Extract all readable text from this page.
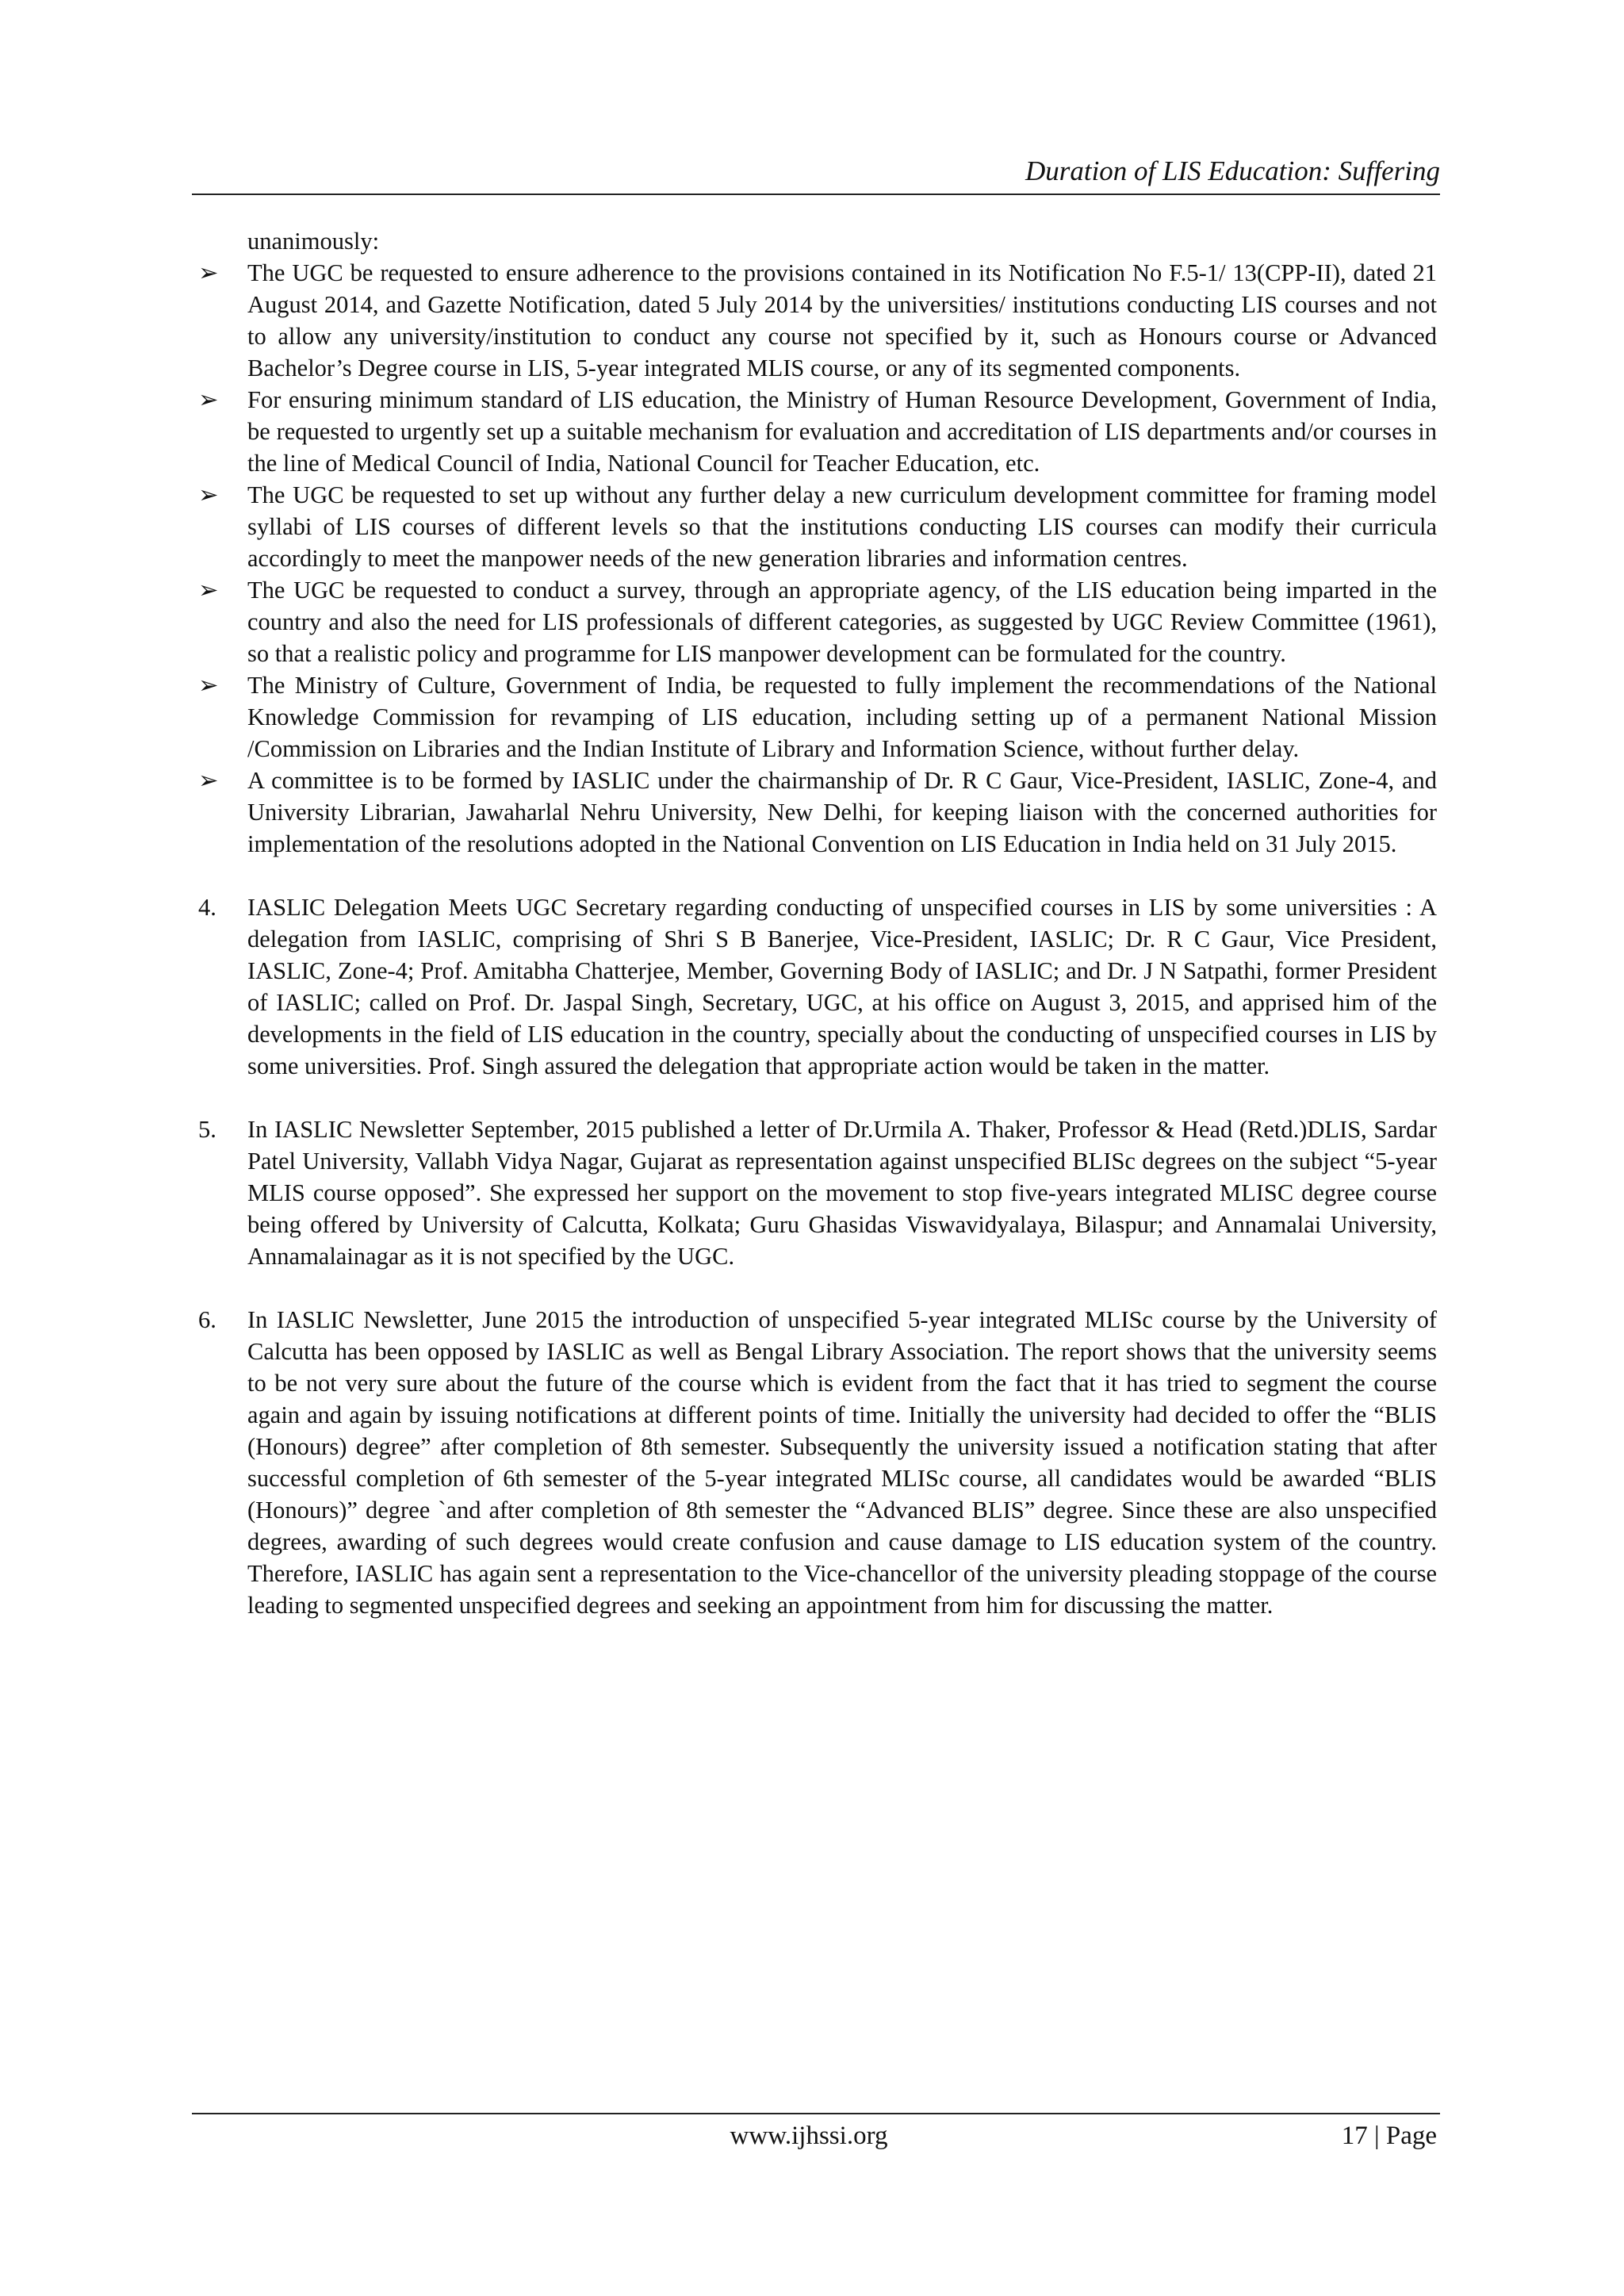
Duration of LIS Education: Suffering

unanimously:

➢	The UGC be requested to ensure adherence to the provisions contained in its Notification No F.5-1/ 13(CPP-II), dated 21 August 2014, and Gazette Notification, dated 5 July 2014 by the universities/ institutions conducting LIS courses and not to allow any university/institution to conduct any course not specified by it, such as Honours course or Advanced Bachelor’s Degree course in LIS, 5-year integrated MLIS course, or any of its segmented components.
➢	For ensuring minimum standard of LIS education, the Ministry of Human Resource Development, Government of India, be requested to urgently set up a suitable mechanism for evaluation and accreditation of LIS departments and/or courses in the line of Medical Council of India, National Council for Teacher Education, etc.
➢	The UGC be requested to set up without any further delay a new curriculum development committee for framing model syllabi of LIS courses of different levels so that the institutions conducting LIS courses can modify their curricula accordingly to meet the manpower needs of the new generation libraries and information centres.
➢	The UGC be requested to conduct a survey, through an appropriate agency, of the LIS education being imparted in the country and also the need for LIS professionals of different categories, as suggested by UGC Review Committee (1961), so that a realistic policy and programme for LIS manpower development can be formulated for the country.
➢	The Ministry of Culture, Government of India, be requested to fully implement the recommendations of the National Knowledge Commission for revamping of LIS education, including setting up of a permanent National Mission /Commission on Libraries and the Indian Institute of Library and Information Science, without further delay.
➢	A committee is to be formed by IASLIC under the chairmanship of Dr. R C Gaur, Vice-President, IASLIC, Zone-4, and University Librarian, Jawaharlal Nehru University, New Delhi, for keeping liaison with the concerned authorities for implementation of the resolutions adopted in the National Convention on LIS Education in India held on 31 July 2015.
4. IASLIC Delegation Meets UGC Secretary regarding conducting of unspecified courses in LIS by some universities : A delegation from IASLIC, comprising of Shri S B Banerjee, Vice-President, IASLIC; Dr. R C Gaur, Vice President, IASLIC, Zone-4; Prof. Amitabha Chatterjee, Member, Governing Body of IASLIC; and Dr. J N Satpathi, former President of IASLIC; called on Prof. Dr. Jaspal Singh, Secretary, UGC, at his office on August 3, 2015, and apprised him of the developments in the field of LIS education in the country, specially about the conducting of unspecified courses in LIS by some universities. Prof. Singh assured the delegation that appropriate action would be taken in the matter.
5. In IASLIC Newsletter September, 2015 published a letter of Dr.Urmila A. Thaker, Professor & Head (Retd.)DLIS, Sardar Patel University, Vallabh Vidya Nagar, Gujarat as representation against unspecified BLISc degrees on the subject “5-year MLIS course opposed”. She expressed her support on the movement to stop five-years integrated MLISC degree course being offered by University of Calcutta, Kolkata; Guru Ghasidas Viswavidyalaya, Bilaspur; and Annamalai University, Annamalainagar as it is not specified by the UGC.
6. In IASLIC Newsletter, June 2015 the introduction of unspecified 5-year integrated MLISc course by the University of Calcutta has been opposed by IASLIC as well as Bengal Library Association. The report shows that the university seems to be not very sure about the future of the course which is evident from the fact that it has tried to segment the course again and again by issuing notifications at different points of time. Initially the university had decided to offer the “BLIS (Honours) degree” after completion of 8th semester. Subsequently the university issued a notification stating that after successful completion of 6th semester of the 5-year integrated MLISc course, all candidates would be awarded “BLIS (Honours)” degree `and after completion of 8th semester the “Advanced BLIS” degree. Since these are also unspecified degrees, awarding of such degrees would create confusion and cause damage to LIS education system of the country. Therefore, IASLIC has again sent a representation to the Vice-chancellor of the university pleading stoppage of the course leading to segmented unspecified degrees and seeking an appointment from him for discussing the matter.
www.ijhssi.org	17 | Page
